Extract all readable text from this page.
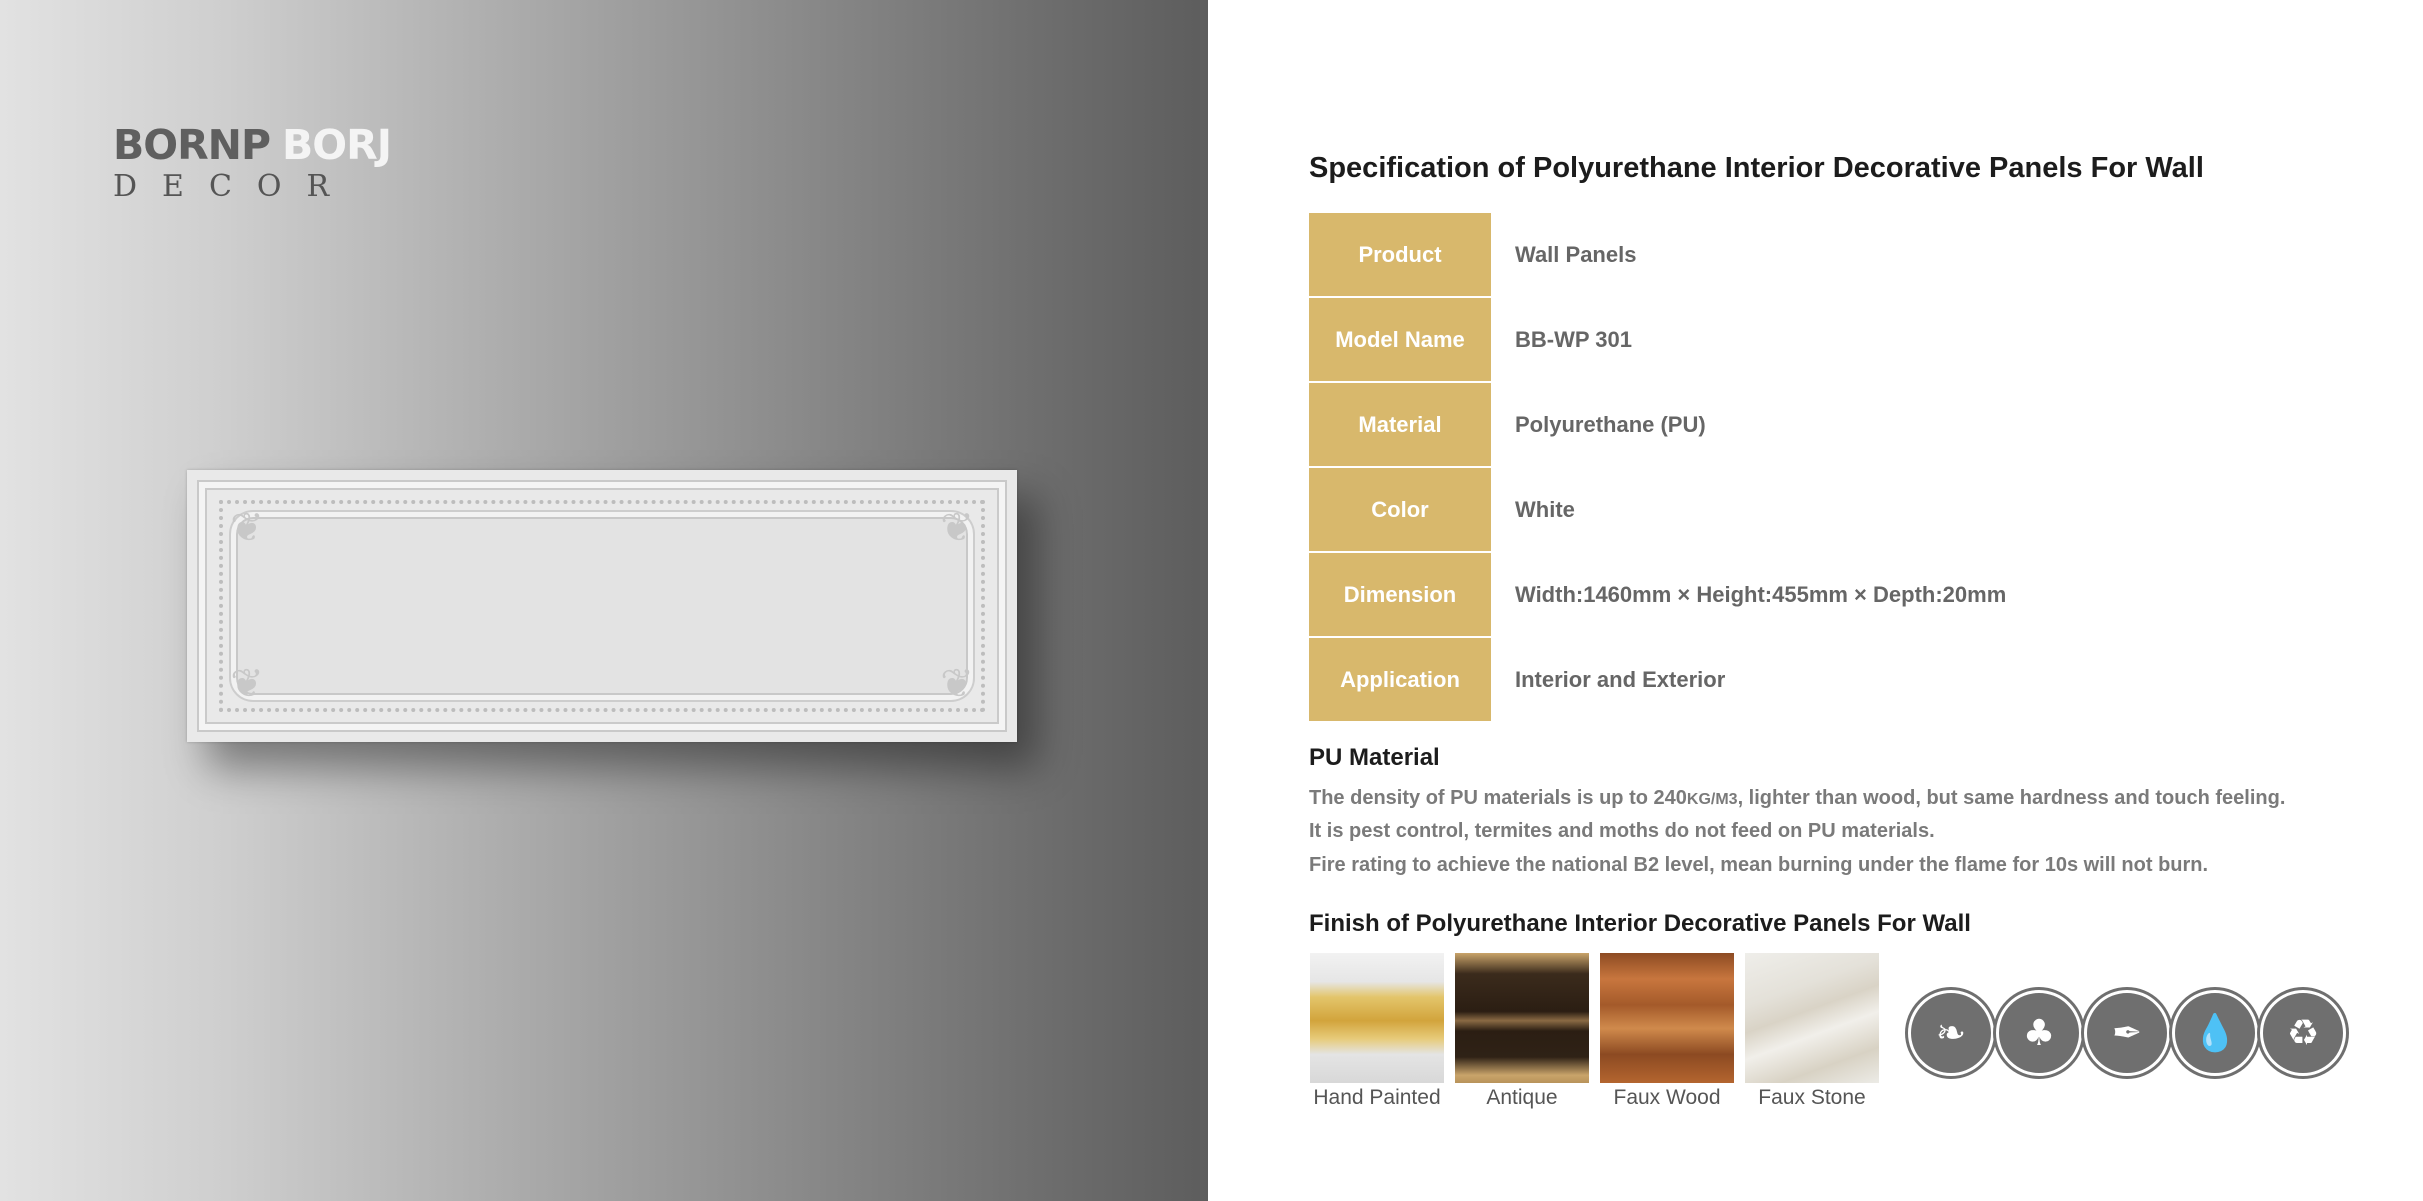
BORNP BORJ
DECOR
❦	❦
❦	❦
Specification of Polyurethane Interior Decorative Panels For Wall
Product	Wall Panels
Model Name	BB-WP 301
Material	Polyurethane (PU)
Color	White
Dimension	Width:1460mm × Height:455mm × Depth:20mm
Application	Interior and Exterior
PU Material
The density of PU materials is up to 240KG/M3, lighter than wood, but same hardness and touch feeling.
It is pest control, termites and moths do not feed on PU materials.
Fire rating to achieve the national B2 level, mean burning under the flame for 10s will not burn.
Finish of Polyurethane Interior Decorative Panels For Wall
Hand Painted	Antique	Faux Wood	Faux Stone
❧	♣	✒	💧	♻
